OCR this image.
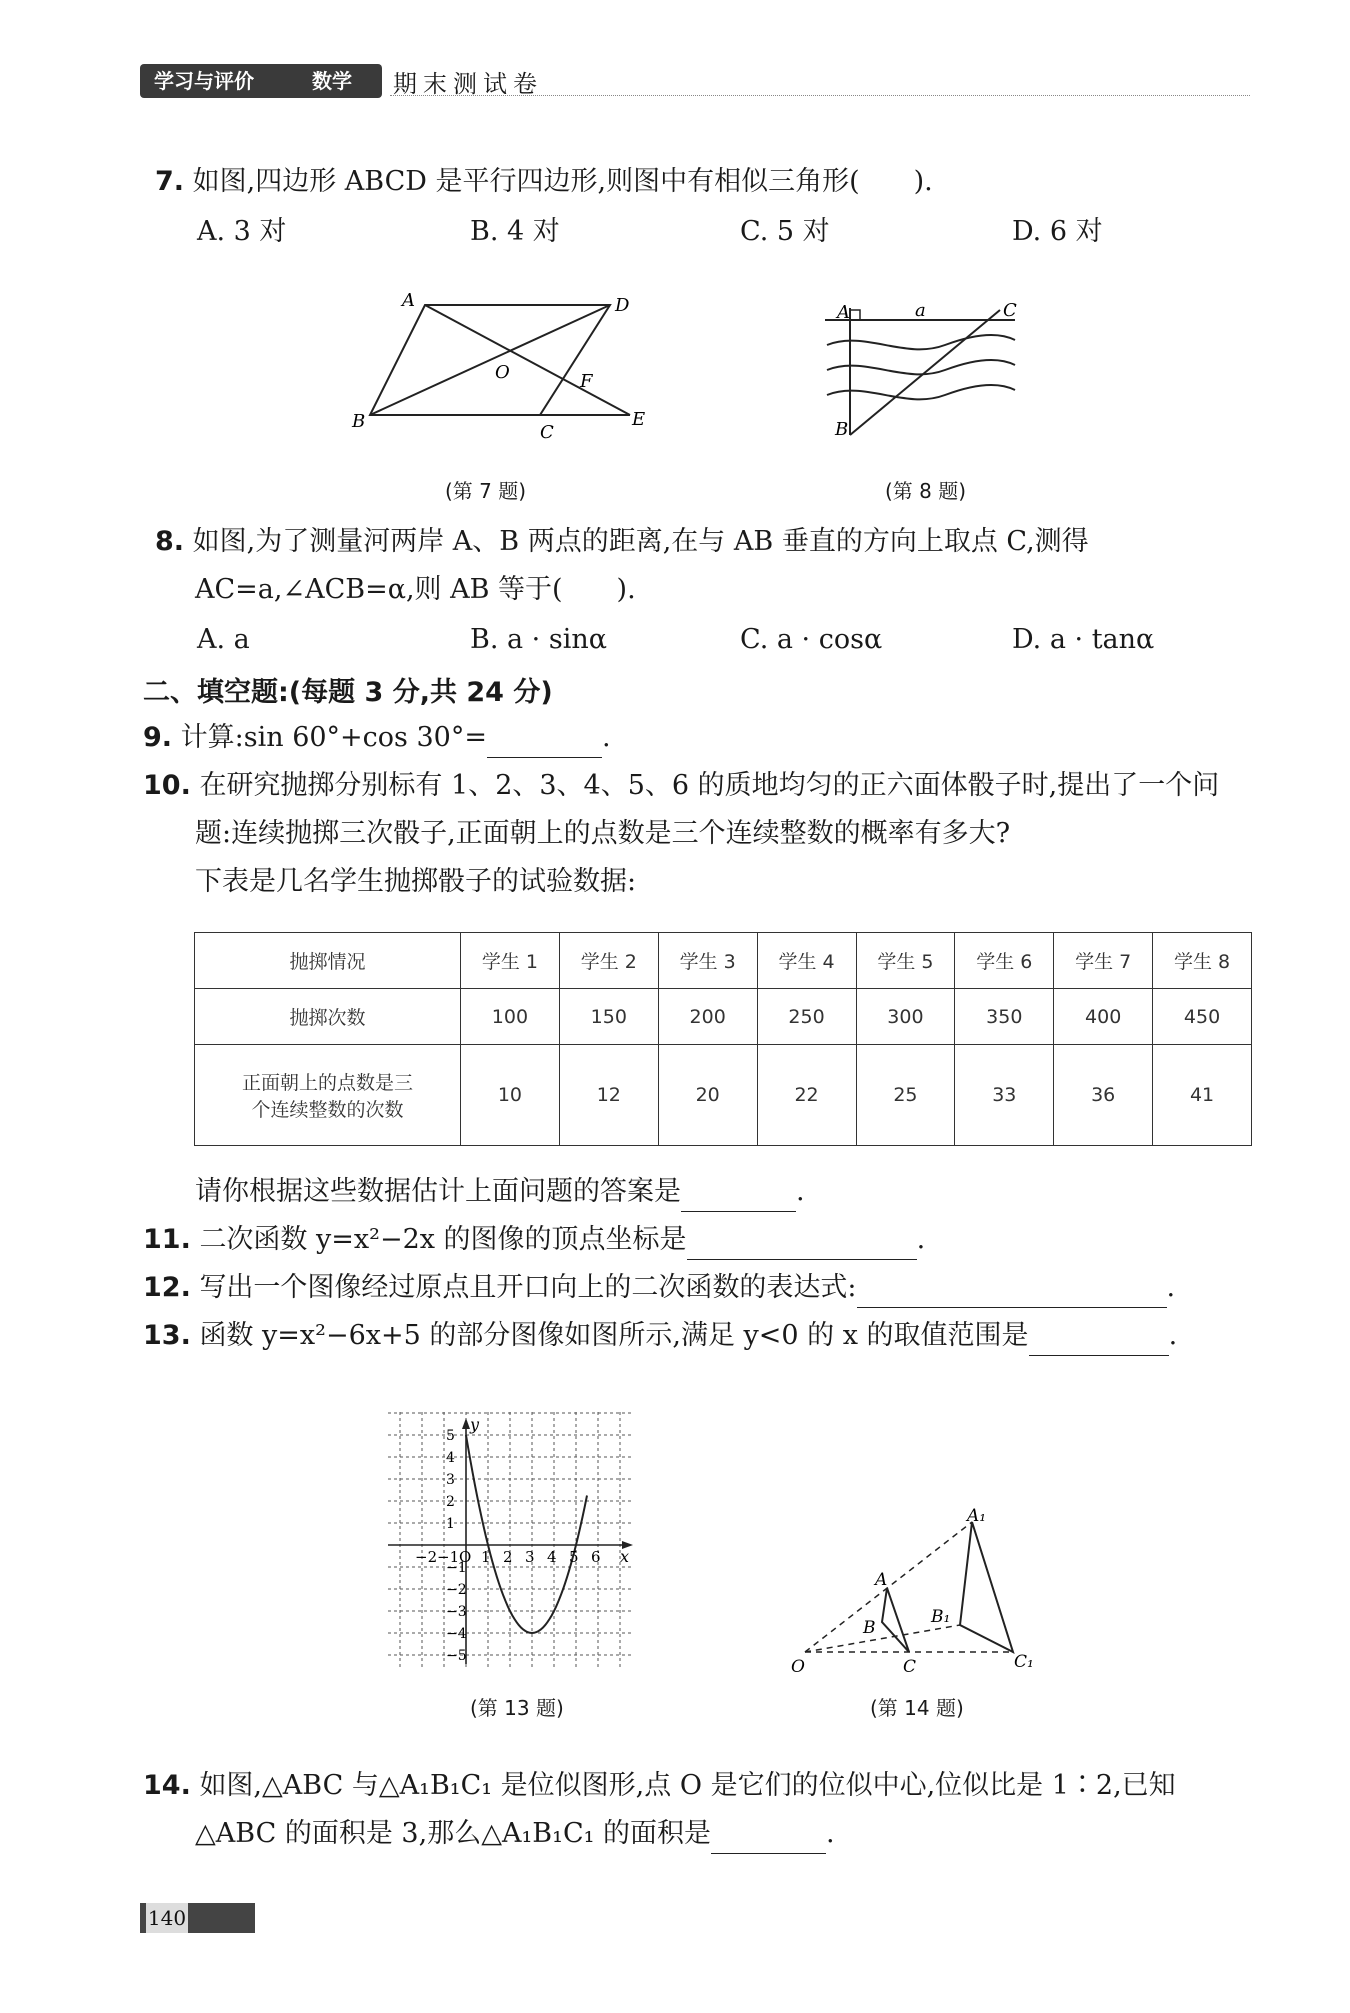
学习与评价	数学 期末测试卷
7. 如图,四边形 ABCD 是平行四边形,则图中有相似三角形(　　).
A. 3 对	B. 4 对	C. 5 对	D. 6 对
A	D
O	F
B
C
E
(第 7 题)
A	a	C
B
(第 8 题)
8. 如图,为了测量河两岸 A、B 两点的距离,在与 AB 垂直的方向上取点 C,测得
AC=a,∠ACB=α,则 AB 等于(　　).
A. a	B. a · sinα	C. a · cosα	D. a · tanα
二、填空题:(每题 3 分,共 24 分)
9. 计算:sin 60°+cos 30°=	.
10. 在研究抛掷分别标有 1、2、3、4、5、6 的质地均匀的正六面体骰子时,提出了一个问
题:连续抛掷三次骰子,正面朝上的点数是三个连续整数的概率有多大?
下表是几名学生抛掷骰子的试验数据:
抛掷情况	学生 1	学生 2	学生 3	学生 4	学生 5	学生 6	学生 7	学生 8
抛掷次数	100	150	200	250	300	350	400	450

正面朝上的点数是三
个连续整数的次数	10	12	20	22	25	33	36	41
请你根据这些数据估计上面问题的答案是	.
11. 二次函数 y=x²−2x 的图像的顶点坐标是	.
12. 写出一个图像经过原点且开口向上的二次函数的表达式:	.
13. 函数 y=x²−6x+5 的部分图像如图所示,满足 y<0 的 x 的取值范围是	.
−2 −1 O 1 2 3 4 5 6
5
4
3
2
1
−1
−2
−3
−4
−5
x
y
(第 13 题)
A₁
A
B₁
B
O	C	C₁
(第 14 题)
14. 如图,△ABC 与△A₁B₁C₁ 是位似图形,点 O 是它们的位似中心,位似比是 1∶2,已知
△ABC 的面积是 3,那么△A₁B₁C₁ 的面积是	.
140
